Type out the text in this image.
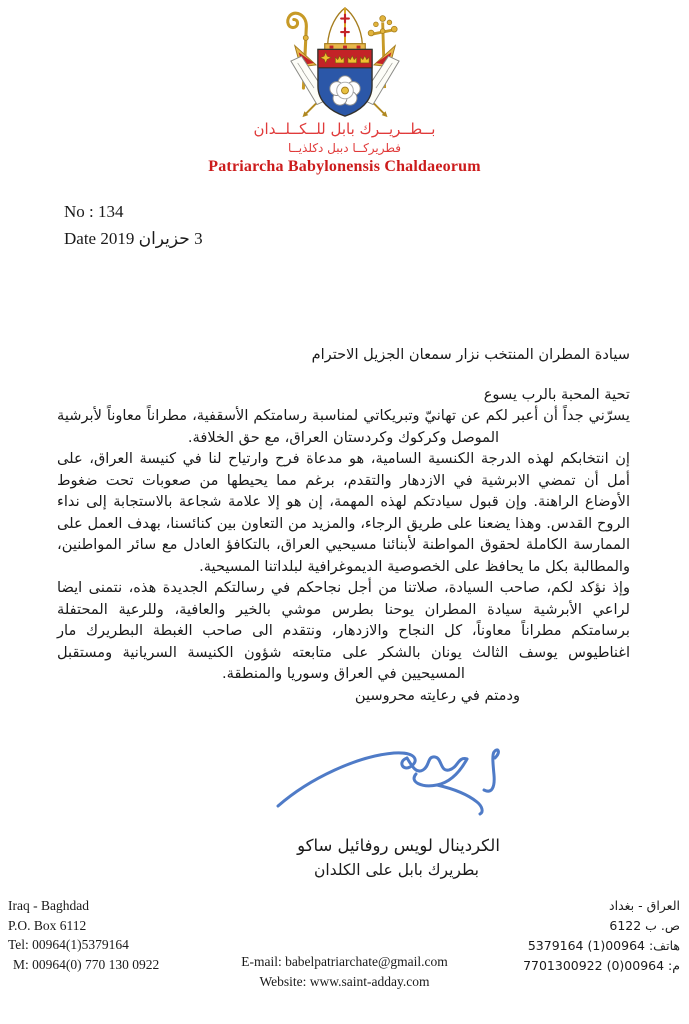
بــطــريــرك بابل للــكــلــدان
فطريركــا دببل دكلذيــا
Patriarcha Babylonensis Chaldaeorum
No : 134
Date 3 حزيران 2019
سيادة المطران المنتخب نزار سمعان الجزيل الاحترام
تحية المحبة بالرب يسوع
يسرّني جداً أن أعبر لكم عن تهانيّ وتبريكاتي لمناسبة رسامتكم الأسقفية، مطراناً معاوناً لأبرشية الموصل وكركوك وكردستان العراق، مع حق الخلافة.
إن انتخابكم لهذه الدرجة الكنسية السامية، هو مدعاة فرح وارتياح لنا في كنيسة العراق، على أمل أن تمضي الابرشية في الازدهار والتقدم، برغم مما يحيطها من صعوبات تحت ضغوط الأوضاع الراهنة. وإن قبول سيادتكم لهذه المهمة، إن هو إلا علامة شجاعة بالاستجابة إلى نداء الروح القدس. وهذا يضعنا على طريق الرجاء، والمزيد من التعاون بين كنائسنا، بهدف العمل على الممارسة الكاملة لحقوق المواطنة لأبنائنا مسيحيي العراق، بالتكافؤ العادل مع سائر المواطنين، والمطالبة بكل ما يحافظ على الخصوصية الديموغرافية لبلداتنا المسيحية.
وإذ نؤكد لكم، صاحب السيادة، صلاتنا من أجل نجاحكم في رسالتكم الجديدة هذه، نتمنى ايضا لراعي الأبرشية سيادة المطران يوحنا بطرس موشي بالخير والعافية، وللرعية المحتفلة برسامتكم مطراناً معاوناً، كل النجاح والازدهار، ونتقدم الى صاحب الغبطة البطريرك مار اغناطيوس يوسف الثالث يونان بالشكر على متابعته شؤون الكنيسة السريانية ومستقبل المسيحيين في العراق وسوريا والمنطقة.
ودمتم في رعايته محروسين
الكردينال لويس روفائيل ساكو
بطريرك بابل على الكلدان
Iraq - Baghdad
P.O. Box 6112
Tel: 00964(1)5379164
M: 00964(0) 770 130 0922
العراق - بغداد
ص. ب 6122
هاتف: 00964(1) 5379164
م: 00964(0) 7701300922
E-mail: babelpatriarchate@gmail.com
Website: www.saint-adday.com
